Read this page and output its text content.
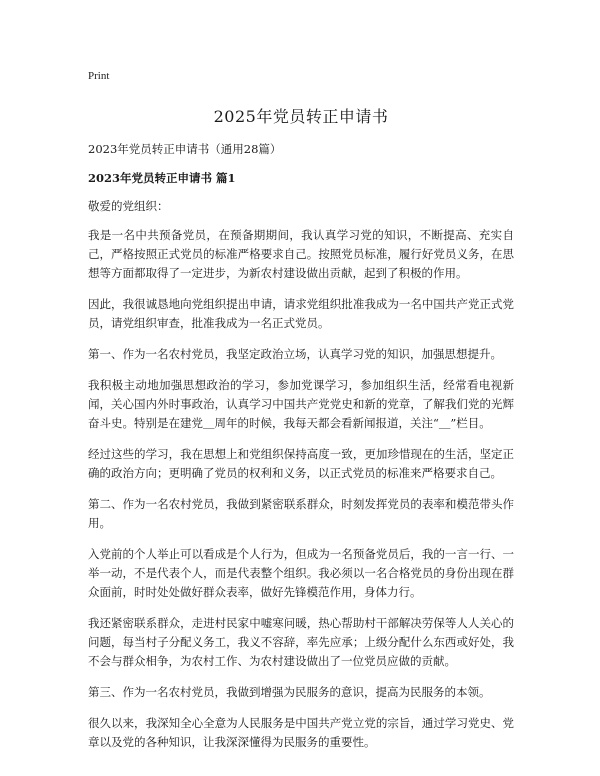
Print
2025年党员转正申请书
2023年党员转正申请书（通用28篇）
2023年党员转正申请书 篇1
敬爱的党组织：

我是一名中共预备党员，在预备期期间，我认真学习党的知识，不断提高、充实自己，严格按照正式党员的标准严格要求自己。按照党员标准，履行好党员义务，在思想等方面都取得了一定进步，为新农村建设做出贡献，起到了积极的作用。

因此，我很诚恳地向党组织提出申请，请求党组织批准我成为一名中国共产党正式党员，请党组织审查，批准我成为一名正式党员。

第一、作为一名农村党员，我坚定政治立场，认真学习党的知识，加强思想提升。

我积极主动地加强思想政治的学习，参加党课学习，参加组织生活，经常看电视新闻，关心国内外时事政治，认真学习中国共产党党史和新的党章，了解我们党的光辉奋斗史。特别是在建党＿周年的时候，我每天都会看新闻报道，关注“＿”栏目。

经过这些的学习，我在思想上和党组织保持高度一致，更加珍惜现在的生活，坚定正确的政治方向；更明确了党员的权利和义务，以正式党员的标准来严格要求自己。

第二、作为一名农村党员，我做到紧密联系群众，时刻发挥党员的表率和模范带头作用。

入党前的个人举止可以看成是个人行为，但成为一名预备党员后，我的一言一行、一举一动，不是代表个人，而是代表整个组织。我必须以一名合格党员的身份出现在群众面前，时时处处做好群众表率，做好先锋模范作用，身体力行。

我还紧密联系群众，走进村民家中嘘寒问暖，热心帮助村干部解决劳保等人人关心的问题，每当村子分配义务工，我义不容辞，率先应承；上级分配什么东西或好处，我不会与群众相争，为农村工作、为农村建设做出了一位党员应做的贡献。

第三、作为一名农村党员，我做到增强为民服务的意识，提高为民服务的本领。

很久以来，我深知全心全意为人民服务是中国共产党立党的宗旨，通过学习党史、党章以及党的各种知识，让我深深懂得为民服务的重要性。
